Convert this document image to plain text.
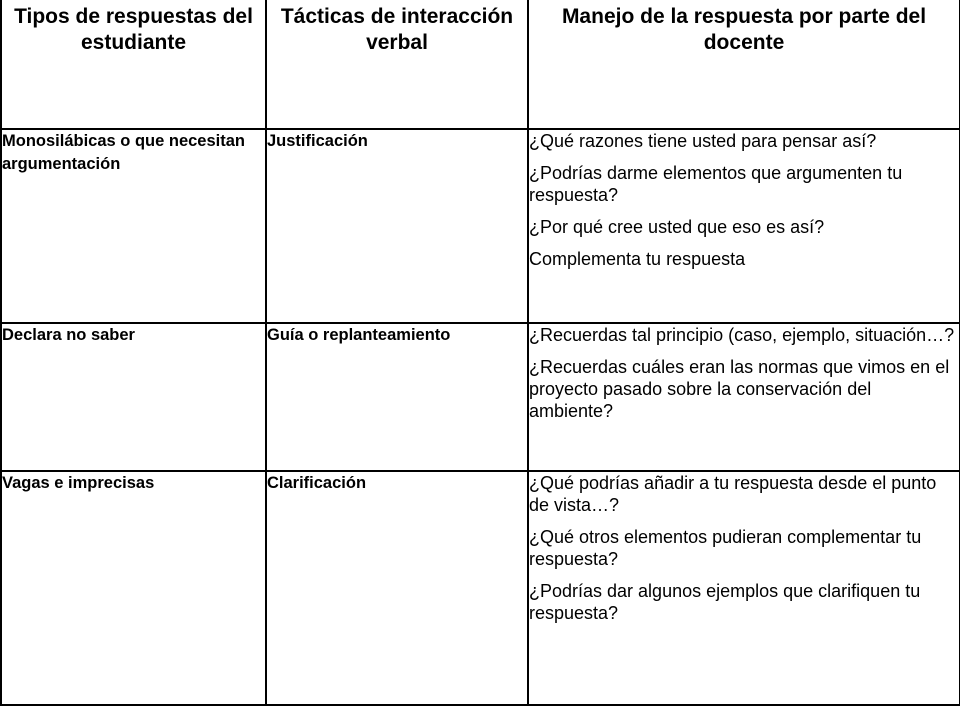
Tipos de respuestas del estudiante	Tácticas de interacción verbal	Manejo de la respuesta por parte del docente

Monosilábicas o que necesitan argumentación	Justificación	¿Qué razones tiene usted para pensar así?

¿Podrías darme elementos que argumenten tu respuesta?

¿Por qué cree usted que eso es así?

Complementa tu respuesta

Declara no saber	Guía o replanteamiento	¿Recuerdas tal principio (caso, ejemplo, situación…?

¿Recuerdas cuáles eran las normas que vimos en el proyecto pasado sobre la conservación del ambiente?

Vagas e imprecisas	Clarificación	¿Qué podrías añadir a tu respuesta desde el punto de vista…?

¿Qué otros elementos pudieran complementar tu respuesta?

¿Podrías dar algunos ejemplos que clarifiquen tu respuesta?
